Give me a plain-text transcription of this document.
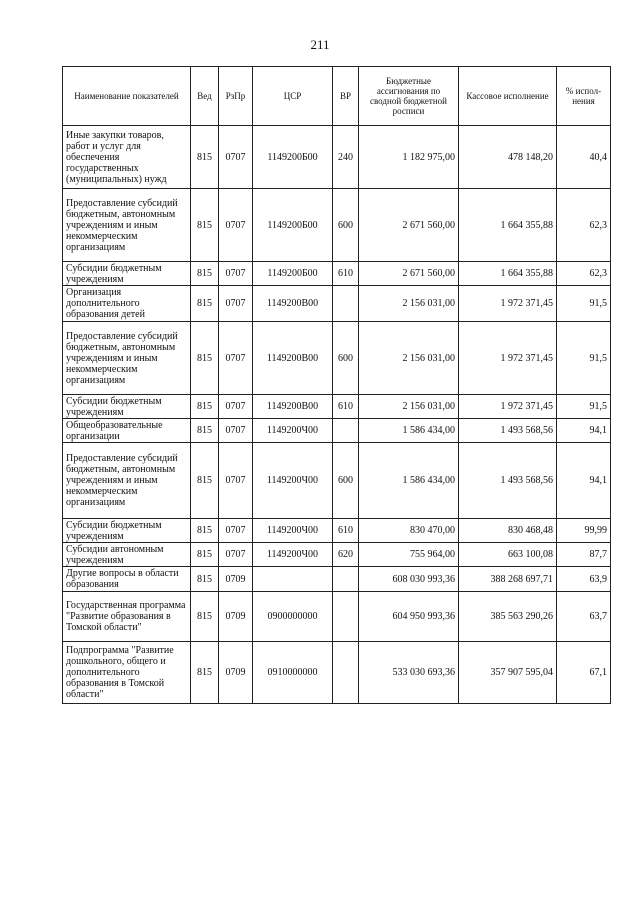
211
Наименование показателей	Вед	РзПр	ЦСР	ВР	Бюджетные ассигнования по сводной бюджетной росписи	Кассовое исполнение	% испол- нения
Иные закупки товаров, работ и услуг для обеспечения государственных (муниципальных) нужд	815	0707	1149200Б00	240	1 182 975,00	478 148,20	40,4
Предоставление субсидий бюджетным, автономным учреждениям и иным некоммерческим организациям	815	0707	1149200Б00	600	2 671 560,00	1 664 355,88	62,3
Субсидии бюджетным учреждениям	815	0707	1149200Б00	610	2 671 560,00	1 664 355,88	62,3
Организация дополнительного образования детей	815	0707	1149200В00		2 156 031,00	1 972 371,45	91,5
Предоставление субсидий бюджетным, автономным учреждениям и иным некоммерческим организациям	815	0707	1149200В00	600	2 156 031,00	1 972 371,45	91,5
Субсидии бюджетным учреждениям	815	0707	1149200В00	610	2 156 031,00	1 972 371,45	91,5
Общеобразовательные организации	815	0707	1149200Ч00		1 586 434,00	1 493 568,56	94,1
Предоставление субсидий бюджетным, автономным учреждениям и иным некоммерческим организациям	815	0707	1149200Ч00	600	1 586 434,00	1 493 568,56	94,1
Субсидии бюджетным учреждениям	815	0707	1149200Ч00	610	830 470,00	830 468,48	99,99
Субсидии автономным учреждениям	815	0707	1149200Ч00	620	755 964,00	663 100,08	87,7
Другие вопросы в области образования	815	0709			608 030 993,36	388 268 697,71	63,9
Государственная программа "Развитие образования в Томской области"	815	0709	0900000000		604 950 993,36	385 563 290,26	63,7
Подпрограмма "Развитие дошкольного, общего и дополнительного образования в Томской области"	815	0709	0910000000		533 030 693,36	357 907 595,04	67,1
